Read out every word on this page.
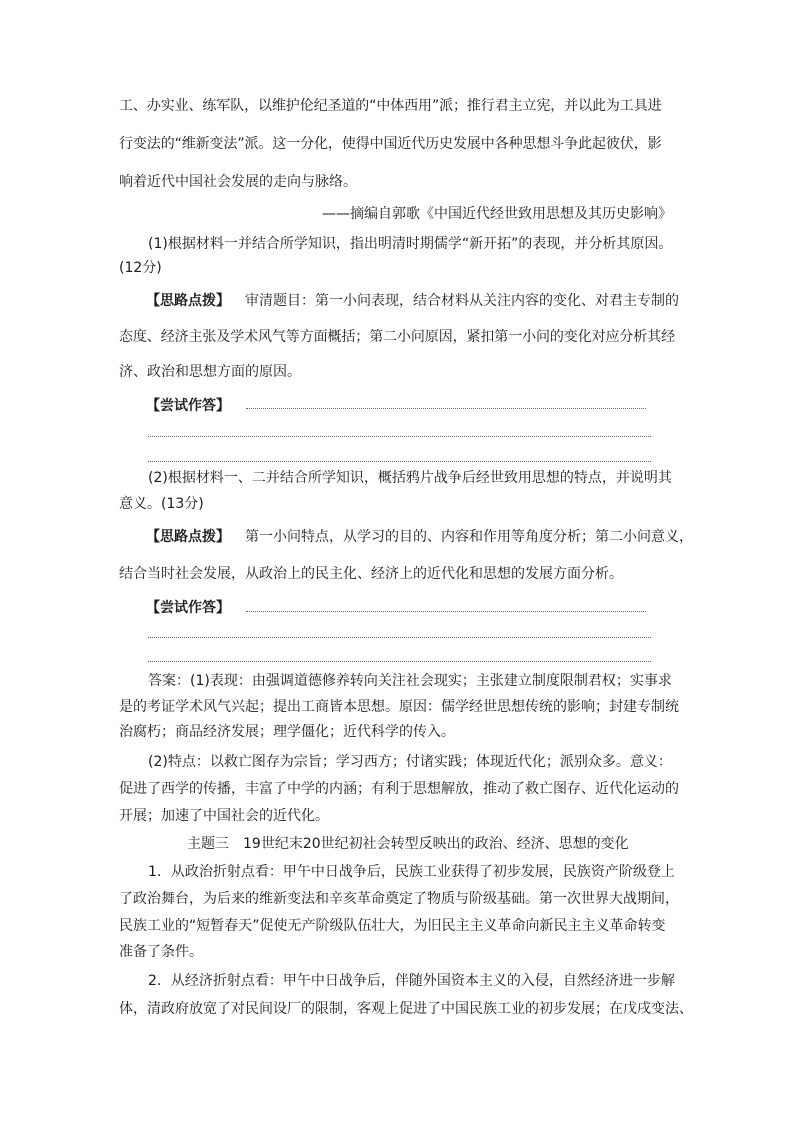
工、办实业、练军队，以维护伦纪圣道的“中体西用”派；推行君主立宪，并以此为工具进
行变法的“维新变法”派。这一分化，使得中国近代历史发展中各种思想斗争此起彼伏，影
响着近代中国社会发展的走向与脉络。
——摘编自郭歌《中国近代经世致用思想及其历史影响》
(1)根据材料一并结合所学知识，指出明清时期儒学“新开拓”的表现，并分析其原因。
(12分)
【思路点拨】 审清题目：第一小问表现，结合材料从关注内容的变化、对君主专制的
态度、经济主张及学术风气等方面概括；第二小问原因，紧扣第一小问的变化对应分析其经
济、政治和思想方面的原因。
【尝试作答】
(2)根据材料一、二并结合所学知识，概括鸦片战争后经世致用思想的特点，并说明其
意义。(13分)
【思路点拨】 第一小问特点，从学习的目的、内容和作用等角度分析；第二小问意义，
结合当时社会发展，从政治上的民主化、经济上的近代化和思想的发展方面分析。
【尝试作答】
答案：(1)表现：由强调道德修养转向关注社会现实；主张建立制度限制君权；实事求
是的考证学术风气兴起；提出工商皆本思想。原因：儒学经世思想传统的影响；封建专制统
治腐朽；商品经济发展；理学僵化；近代科学的传入。
(2)特点：以救亡图存为宗旨；学习西方；付诸实践；体现近代化；派别众多。意义：
促进了西学的传播，丰富了中学的内涵；有利于思想解放，推动了救亡图存、近代化运动的
开展；加速了中国社会的近代化。
主题三　19世纪末20世纪初社会转型反映出的政治、经济、思想的变化
1．从政治折射点看：甲午中日战争后，民族工业获得了初步发展，民族资产阶级登上
了政治舞台，为后来的维新变法和辛亥革命奠定了物质与阶级基础。第一次世界大战期间，
民族工业的“短暂春天”促使无产阶级队伍壮大，为旧民主主义革命向新民主主义革命转变
准备了条件。
2．从经济折射点看：甲午中日战争后，伴随外国资本主义的入侵，自然经济进一步解
体，清政府放宽了对民间设厂的限制，客观上促进了中国民族工业的初步发展；在戊戌变法、
